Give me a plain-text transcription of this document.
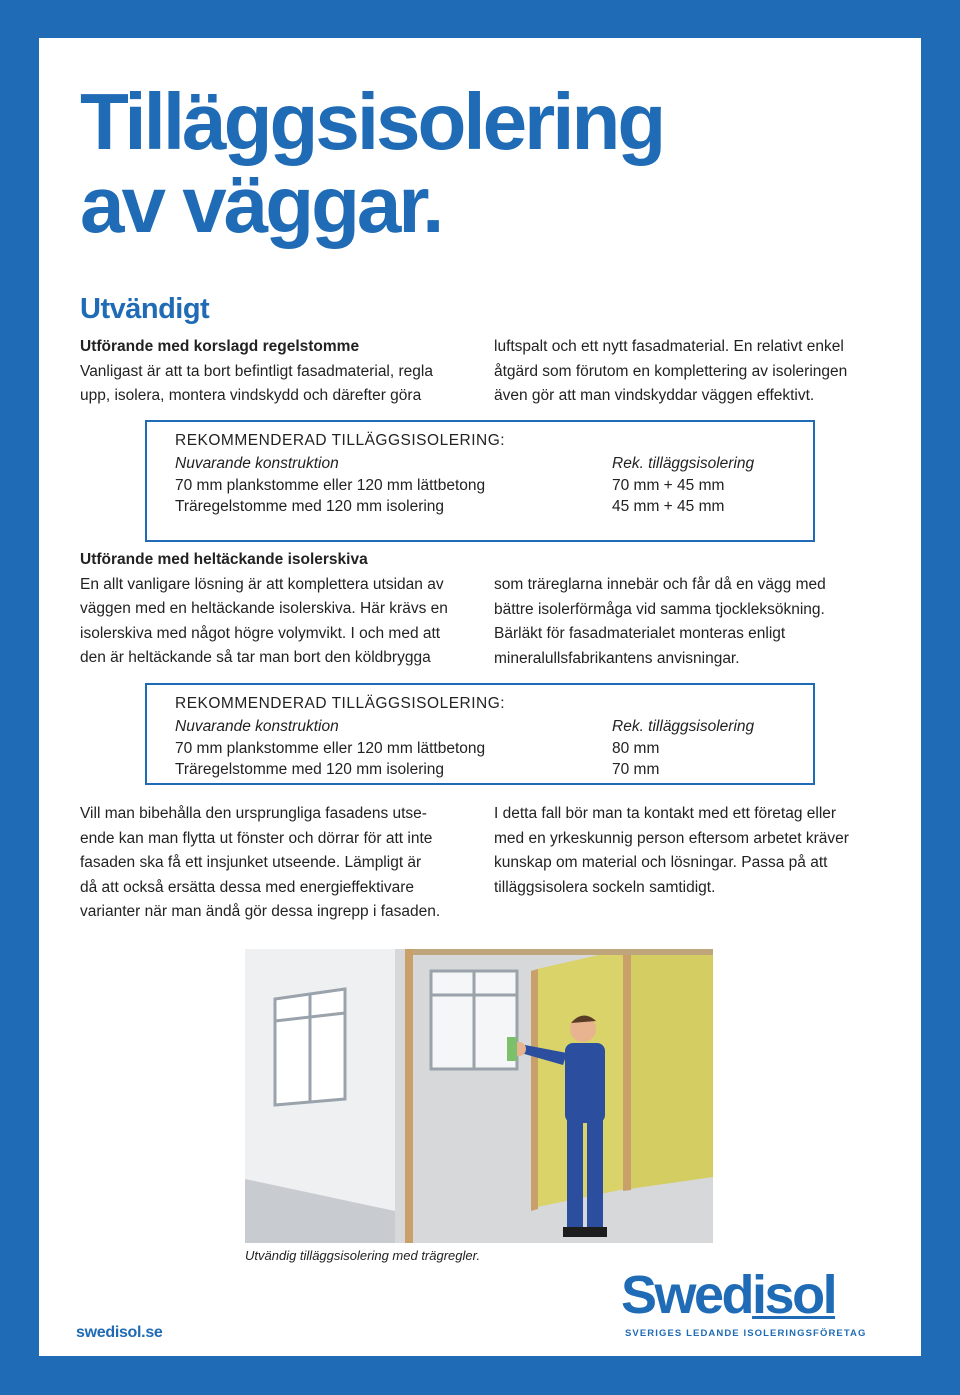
Tilläggsisolering
av väggar.
Utvändigt
Utförande med korslagd regelstomme
Vanligast är att ta bort befintligt fasadmaterial, regla
upp, isolera, montera vindskydd och därefter göra
luftspalt och ett nytt fasadmaterial. En relativt enkel
åtgärd som förutom en komplettering av isoleringen
även gör att man vindskyddar väggen effektivt.
REKOMMENDERAD TILLÄGGSISOLERING:
Nuvarande konstruktion
70 mm plankstomme eller 120 mm lättbetong
Träregelstomme med 120 mm isolering
Rek. tilläggsisolering
70 mm + 45 mm
45 mm + 45 mm
Utförande med heltäckande isolerskiva
En allt vanligare lösning är att komplettera utsidan av
väggen med en heltäckande isolerskiva. Här krävs en
isolerskiva med något högre volymvikt. I och med att
den är heltäckande så tar man bort den köldbrygga
som träreglarna innebär och får då en vägg med
bättre isolerförmåga vid samma tjockleksökning.
Bärläkt för fasadmaterialet monteras enligt
mineralullsfabrikantens anvisningar.
REKOMMENDERAD TILLÄGGSISOLERING:
Nuvarande konstruktion
70 mm plankstomme eller 120 mm lättbetong
Träregelstomme med 120 mm isolering
Rek. tilläggsisolering
80 mm
70 mm
Vill man bibehålla den ursprungliga fasadens utse-
ende kan man flytta ut fönster och dörrar för att inte
fasaden ska få ett insjunket utseende. Lämpligt är
då att också ersätta dessa med energieffektivare
varianter när man ändå gör dessa ingrepp i fasaden.
I detta fall bör man ta kontakt med ett företag eller
med en yrkeskunnig person eftersom arbetet kräver
kunskap om material och lösningar. Passa på att
tilläggsisolera sockeln samtidigt.
Utvändig tilläggsisolering med trägregler.
swedisol.se
Swedisol
SVERIGES LEDANDE ISOLERINGSFÖRETAG
